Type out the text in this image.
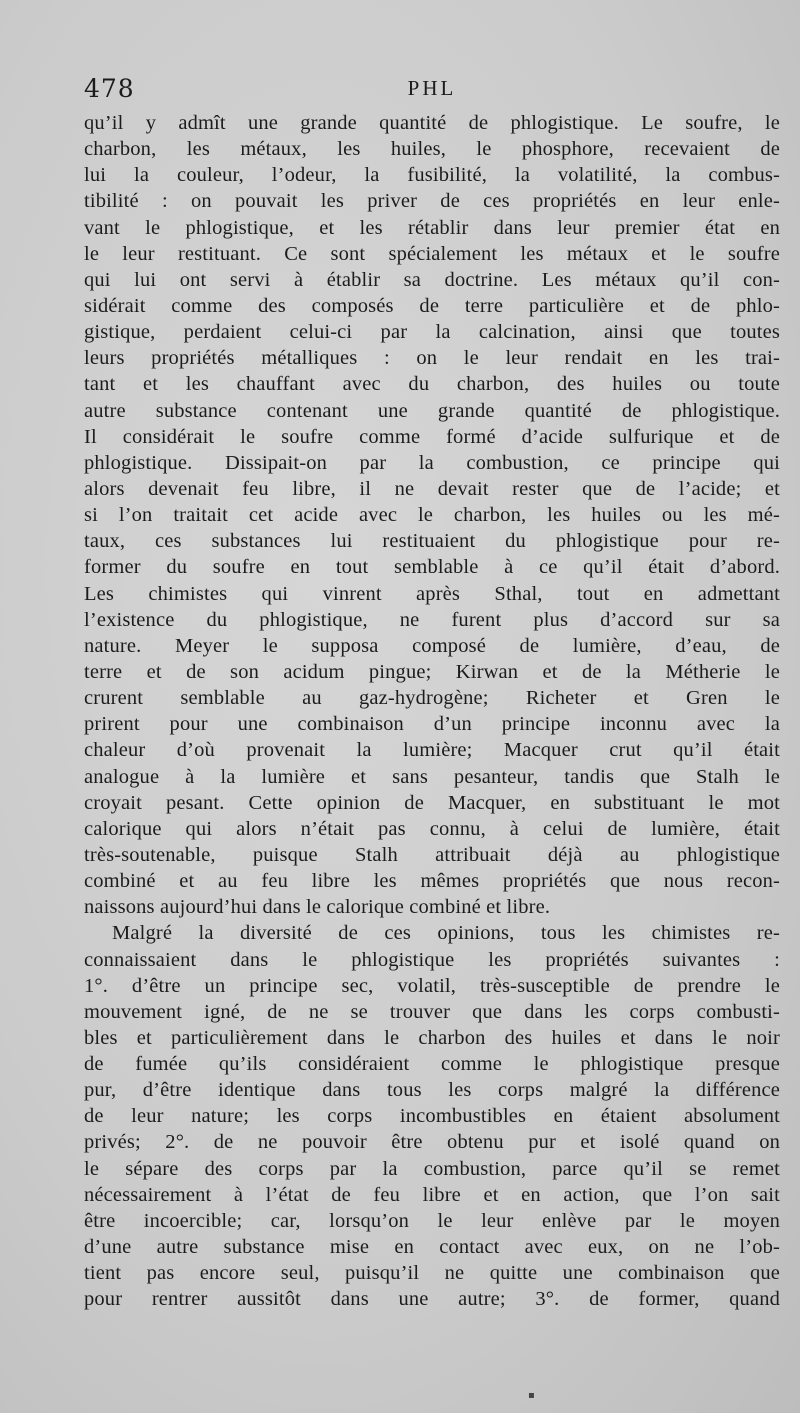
478	PHL
qu’il y admît une grande quantité de phlogistique. Le soufre, le
charbon, les métaux, les huiles, le phosphore, recevaient de
lui la couleur, l’odeur, la fusibilité, la volatilité, la combus-
tibilité : on pouvait les priver de ces propriétés en leur enle-
vant le phlogistique, et les rétablir dans leur premier état en
le leur restituant. Ce sont spécialement les métaux et le soufre
qui lui ont servi à établir sa doctrine. Les métaux qu’il con-
sidérait comme des composés de terre particulière et de phlo-
gistique, perdaient celui-ci par la calcination, ainsi que toutes
leurs propriétés métalliques : on le leur rendait en les trai-
tant et les chauffant avec du charbon, des huiles ou toute
autre substance contenant une grande quantité de phlogistique.
Il considérait le soufre comme formé d’acide sulfurique et de
phlogistique. Dissipait-on par la combustion, ce principe qui
alors devenait feu libre, il ne devait rester que de l’acide; et
si l’on traitait cet acide avec le charbon, les huiles ou les mé-
taux, ces substances lui restituaient du phlogistique pour re-
former du soufre en tout semblable à ce qu’il était d’abord.
Les chimistes qui vinrent après Sthal, tout en admettant
l’existence du phlogistique, ne furent plus d’accord sur sa
nature. Meyer le supposa composé de lumière, d’eau, de
terre et de son acidum pingue; Kirwan et de la Métherie le
crurent semblable au gaz-hydrogène; Richeter et Gren le
prirent pour une combinaison d’un principe inconnu avec la
chaleur d’où provenait la lumière; Macquer crut qu’il était
analogue à la lumière et sans pesanteur, tandis que Stalh le
croyait pesant. Cette opinion de Macquer, en substituant le mot
calorique qui alors n’était pas connu, à celui de lumière, était
très-soutenable, puisque Stalh attribuait déjà au phlogistique
combiné et au feu libre les mêmes propriétés que nous recon-
naissons aujourd’hui dans le calorique combiné et libre.
Malgré la diversité de ces opinions, tous les chimistes re-
connaissaient dans le phlogistique les propriétés suivantes :
1°. d’être un principe sec, volatil, très-susceptible de prendre le
mouvement igné, de ne se trouver que dans les corps combusti-
bles et particulièrement dans le charbon des huiles et dans le noir
de fumée qu’ils considéraient comme le phlogistique presque
pur, d’être identique dans tous les corps malgré la différence
de leur nature; les corps incombustibles en étaient absolument
privés; 2°. de ne pouvoir être obtenu pur et isolé quand on
le sépare des corps par la combustion, parce qu’il se remet
nécessairement à l’état de feu libre et en action, que l’on sait
être incoercible; car, lorsqu’on le leur enlève par le moyen
d’une autre substance mise en contact avec eux, on ne l’ob-
tient pas encore seul, puisqu’il ne quitte une combinaison que
pour rentrer aussitôt dans une autre; 3°. de former, quand
▪
